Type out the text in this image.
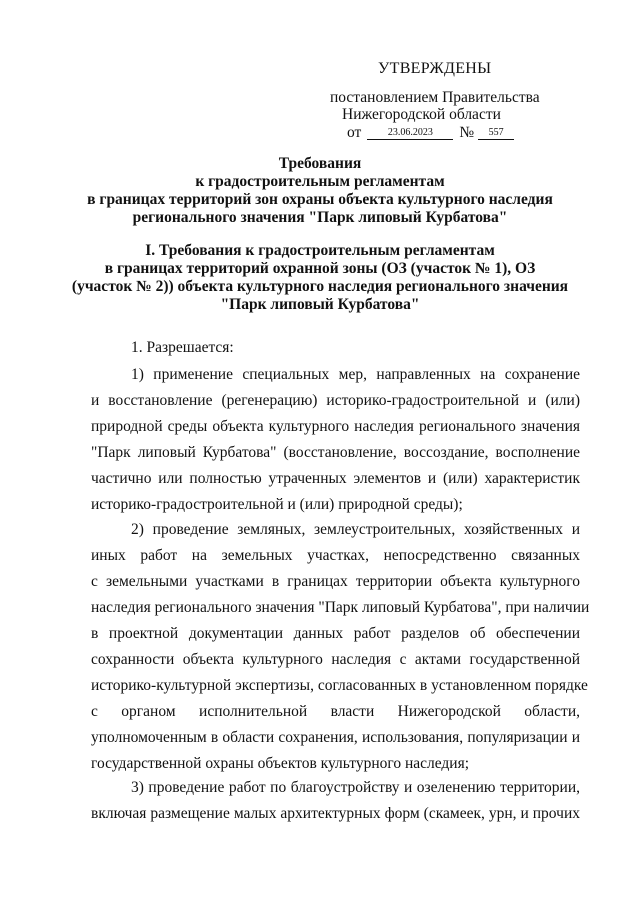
УТВЕРЖДЕНЫ
постановлением Правительства
Нижегородской области
от	23.06.2023 № 557
Требования
к градостроительным регламентам
в границах территорий зон охраны объекта культурного наследия
регионального значения "Парк липовый Курбатова"
I. Требования к градостроительным регламентам
в границах территорий охранной зоны (ОЗ (участок № 1), ОЗ
(участок № 2)) объекта культурного наследия регионального значения
"Парк липовый Курбатова"
1. Разрешается:
1) применение специальных мер, направленных на сохранение
и восстановление (регенерацию) историко-градостроительной и (или)
природной среды объекта культурного наследия регионального значения
"Парк липовый Курбатова" (восстановление, воссоздание, восполнение
частично или полностью утраченных элементов и (или) характеристик
историко-градостроительной и (или) природной среды);
2) проведение земляных, землеустроительных, хозяйственных и
иных работ на земельных участках, непосредственно связанных
с земельными участками в границах территории объекта культурного
наследия регионального значения "Парк липовый Курбатова", при наличии
в проектной документации данных работ разделов об обеспечении
сохранности объекта культурного наследия с актами государственной
историко-культурной экспертизы, согласованных в установленном порядке
с органом исполнительной власти Нижегородской области,
уполномоченным в области сохранения, использования, популяризации и
государственной охраны объектов культурного наследия;
3) проведение работ по благоустройству и озеленению территории,
включая размещение малых архитектурных форм (скамеек, урн, и прочих
